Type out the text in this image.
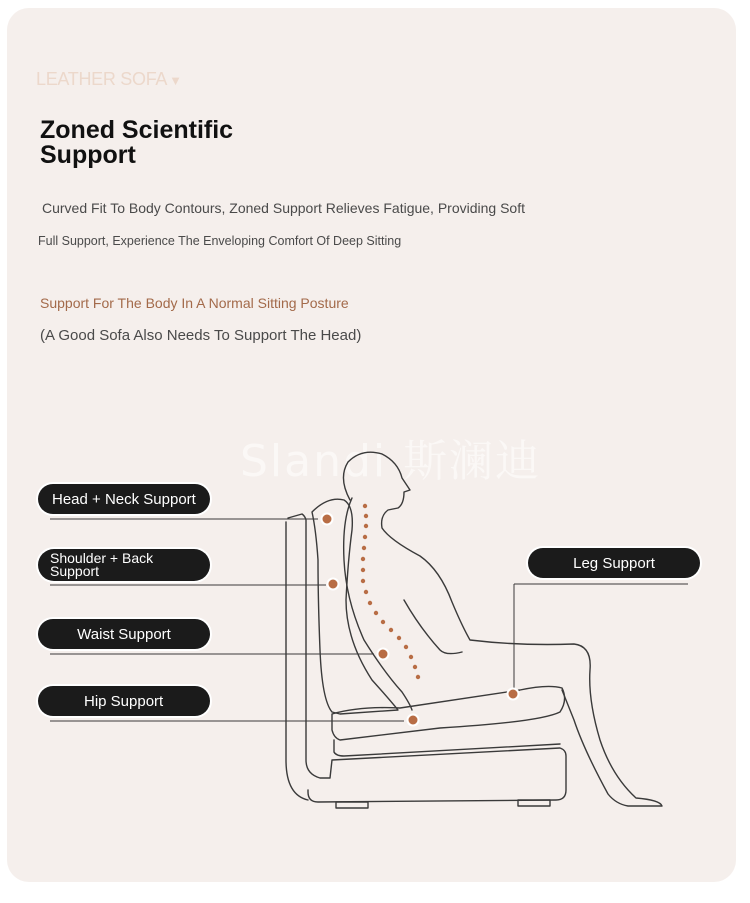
LEATHER SOFA ▼
Zoned Scientific
Support
Curved Fit To Body Contours, Zoned Support Relieves Fatigue, Providing Soft
Full Support, Experience The Enveloping Comfort Of Deep Sitting
Support For The Body In A Normal Sitting Posture
(A Good Sofa Also Needs To Support The Head)
Slandi 斯澜迪
Head + Neck Support
Shoulder + Back
Support
Waist Support
Hip Support
Leg Support
